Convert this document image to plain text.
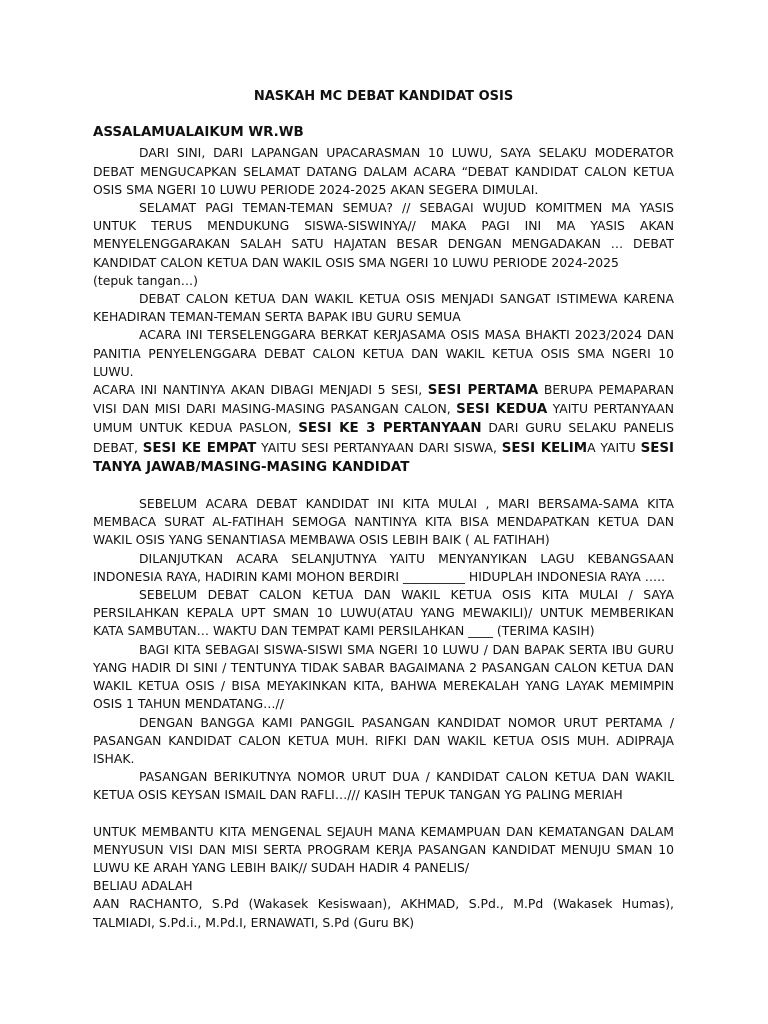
NASKAH MC DEBAT KANDIDAT OSIS
ASSALAMUALAIKUM WR.WB

DARI SINI, DARI LAPANGAN UPACARASMAN 10 LUWU, SAYA SELAKU MODERATOR DEBAT MENGUCAPKAN SELAMAT DATANG DALAM ACARA “DEBAT KANDIDAT CALON KETUA OSIS SMA NGERI 10 LUWU PERIODE 2024-2025 AKAN SEGERA DIMULAI.

SELAMAT PAGI TEMAN-TEMAN SEMUA? // SEBAGAI WUJUD KOMITMEN MA YASIS UNTUK TERUS MENDUKUNG SISWA-SISWINYA// MAKA PAGI INI MA YASIS AKAN MENYELENGGARAKAN SALAH SATU HAJATAN BESAR DENGAN MENGADAKAN … DEBAT KANDIDAT CALON KETUA DAN WAKIL OSIS SMA NGERI 10 LUWU PERIODE 2024-2025

(tepuk tangan…)

DEBAT CALON KETUA DAN WAKIL KETUA OSIS MENJADI SANGAT ISTIMEWA KARENA KEHADIRAN TEMAN-TEMAN SERTA BAPAK IBU GURU SEMUA

ACARA INI TERSELENGGARA BERKAT KERJASAMA OSIS MASA BHAKTI 2023/2024 DAN PANITIA PENYELENGGARA DEBAT CALON KETUA DAN WAKIL KETUA OSIS SMA NGERI 10 LUWU.

ACARA INI NANTINYA AKAN DIBAGI MENJADI 5 SESI, SESI PERTAMA BERUPA PEMAPARAN VISI DAN MISI DARI MASING-MASING PASANGAN CALON, SESI KEDUA YAITU PERTANYAAN UMUM UNTUK KEDUA PASLON, SESI KE 3 PERTANYAAN DARI GURU SELAKU PANELIS DEBAT, SESI KE EMPAT YAITU SESI PERTANYAAN DARI SISWA, SESI KELIMA YAITU SESI TANYA JAWAB/MASING-MASING KANDIDAT

SEBELUM ACARA DEBAT KANDIDAT INI KITA MULAI , MARI BERSAMA-SAMA KITA MEMBACA SURAT AL-FATIHAH SEMOGA NANTINYA KITA BISA MENDAPATKAN KETUA DAN WAKIL OSIS YANG SENANTIASA MEMBAWA OSIS LEBIH BAIK ( AL FATIHAH)

DILANJUTKAN ACARA SELANJUTNYA YAITU MENYANYIKAN LAGU KEBANGSAAN INDONESIA RAYA, HADIRIN KAMI MOHON BERDIRI __________ HIDUPLAH INDONESIA RAYA …..

SEBELUM DEBAT CALON KETUA DAN WAKIL KETUA OSIS KITA MULAI / SAYA PERSILAHKAN KEPALA UPT SMAN 10 LUWU(ATAU YANG MEWAKILI)/ UNTUK MEMBERIKAN KATA SAMBUTAN… WAKTU DAN TEMPAT KAMI PERSILAHKAN ____ (TERIMA KASIH)

BAGI KITA SEBAGAI SISWA-SISWI SMA NGERI 10 LUWU / DAN BAPAK SERTA IBU GURU YANG HADIR DI SINI / TENTUNYA TIDAK SABAR BAGAIMANA 2 PASANGAN CALON KETUA DAN WAKIL KETUA OSIS / BISA MEYAKINKAN KITA, BAHWA MEREKALAH YANG LAYAK MEMIMPIN OSIS 1 TAHUN MENDATANG…//

DENGAN BANGGA KAMI PANGGIL PASANGAN KANDIDAT NOMOR URUT PERTAMA / PASANGAN KANDIDAT CALON KETUA MUH. RIFKI DAN WAKIL KETUA OSIS MUH. ADIPRAJA ISHAK.

PASANGAN BERIKUTNYA NOMOR URUT DUA / KANDIDAT CALON KETUA DAN WAKIL KETUA OSIS KEYSAN ISMAIL DAN RAFLI…/// KASIH TEPUK TANGAN YG PALING MERIAH

UNTUK MEMBANTU KITA MENGENAL SEJAUH MANA KEMAMPUAN DAN KEMATANGAN DALAM MENYUSUN VISI DAN MISI SERTA PROGRAM KERJA PASANGAN KANDIDAT MENUJU SMAN 10 LUWU KE ARAH YANG LEBIH BAIK// SUDAH HADIR 4 PANELIS/

BELIAU ADALAH

AAN RACHANTO, S.Pd (Wakasek Kesiswaan), AKHMAD, S.Pd., M.Pd (Wakasek Humas), TALMIADI, S.Pd.i., M.Pd.I, ERNAWATI, S.Pd (Guru BK)
